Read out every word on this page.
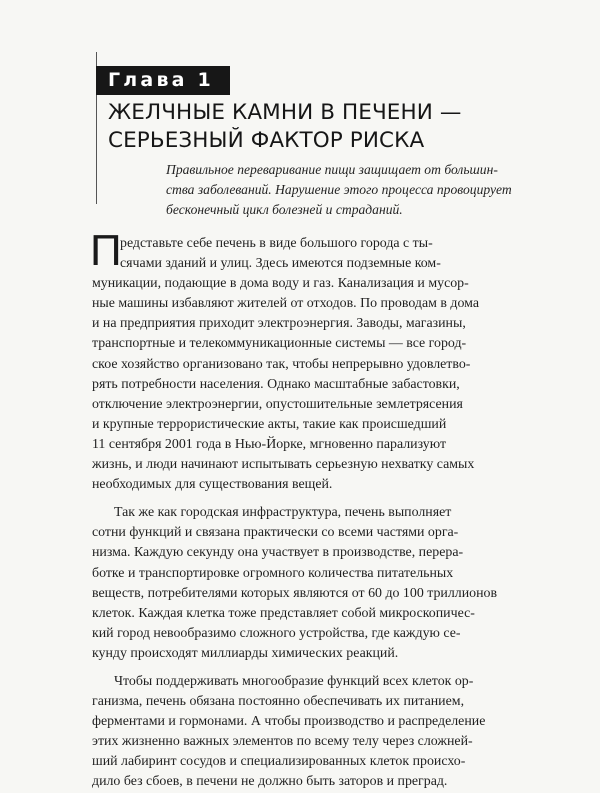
Глава 1
ЖЕЛЧНЫЕ КАМНИ В ПЕЧЕНИ —
СЕРЬЕЗНЫЙ ФАКТОР РИСКА
Правильное переваривание пищи защищает от большин-
ства заболеваний. Нарушение этого процесса провоцирует
бесконечный цикл болезней и страданий.
П
редставьте себе печень в виде большого города с ты-
сячами зданий и улиц. Здесь имеются подземные ком-
муникации, подающие в дома воду и газ. Канализация и мусор-
ные машины избавляют жителей от отходов. По проводам в дома
и на предприятия приходит электроэнергия. Заводы, магазины,
транспортные и телекоммуникационные системы — все город-
ское хозяйство организовано так, чтобы непрерывно удовлетво-
рять потребности населения. Однако масштабные забастовки,
отключение электроэнергии, опустошительные землетрясения
и крупные террористические акты, такие как происшедший
11 сентября 2001 года в Нью-Йорке, мгновенно парализуют
жизнь, и люди начинают испытывать серьезную нехватку самых
необходимых для существования вещей.
Так же как городская инфраструктура, печень выполняет
сотни функций и связана практически со всеми частями орга-
низма. Каждую секунду она участвует в производстве, перера-
ботке и транспортировке огромного количества питательных
веществ, потребителями которых являются от 60 до 100 триллионов
клеток. Каждая клетка тоже представляет собой микроскопичес-
кий город невообразимо сложного устройства, где каждую се-
кунду происходят миллиарды химических реакций.
Чтобы поддерживать многообразие функций всех клеток ор-
ганизма, печень обязана постоянно обеспечивать их питанием,
ферментами и гормонами. А чтобы производство и распределение
этих жизненно важных элементов по всему телу через сложней-
ший лабиринт сосудов и специализированных клеток происхо-
дило без сбоев, в печени не должно быть заторов и преград.
